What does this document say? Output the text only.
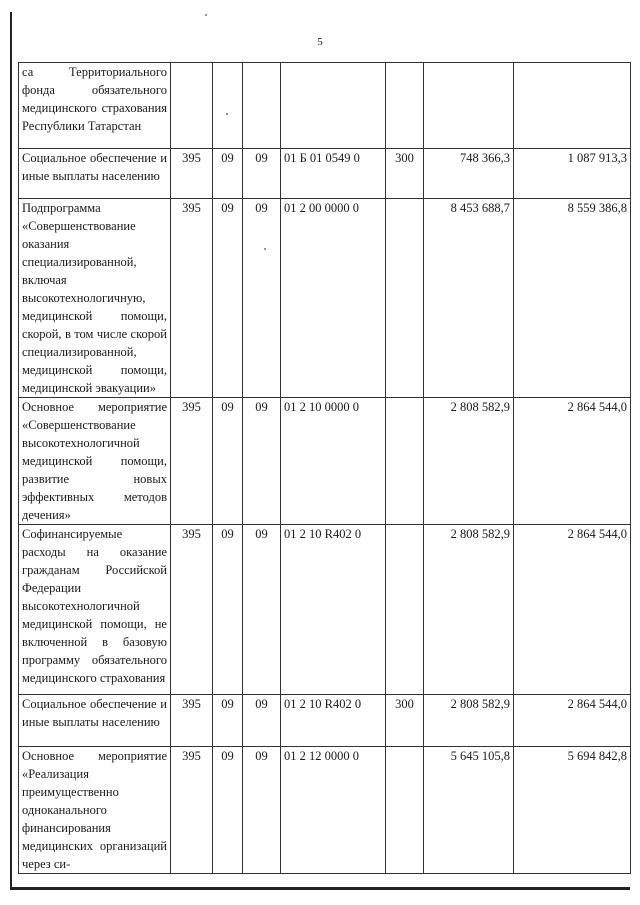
5
са Территориального фонда обязательного медицинского страхования Республики Татарстан							
Социальное обеспечение и иные выплаты населению	395	09	09	01 Б 01 0549 0	300	748 366,3	1 087 913,3
Подпрограмма «Совершенствование оказания специализированной, включая высокотехнологичную, медицинской помощи, скорой, в том числе скорой специализированной, медицинской помощи, медицинской эвакуации»	395	09	09	01 2 00 0000 0		8 453 688,7	8 559 386,8
Основное мероприятие «Совершенствование высокотехнологичной медицинской помощи, развитие новых эффективных методов дечения»	395	09	09	01 2 10 0000 0		2 808 582,9	2 864 544,0
Софинансируемые расходы на оказание гражданам Российской Федерации высокотехнологичной медицинской помощи, не включенной в базовую программу обязательного медицинского страхования	395	09	09	01 2 10 R402 0		2 808 582,9	2 864 544,0
Социальное обеспечение и иные выплаты населению	395	09	09	01 2 10 R402 0	300	2 808 582,9	2 864 544,0
Основное мероприятие «Реализация преимущественно одноканального финансирования медицинских организаций через си-	395	09	09	01 2 12 0000 0		5 645 105,8	5 694 842,8
